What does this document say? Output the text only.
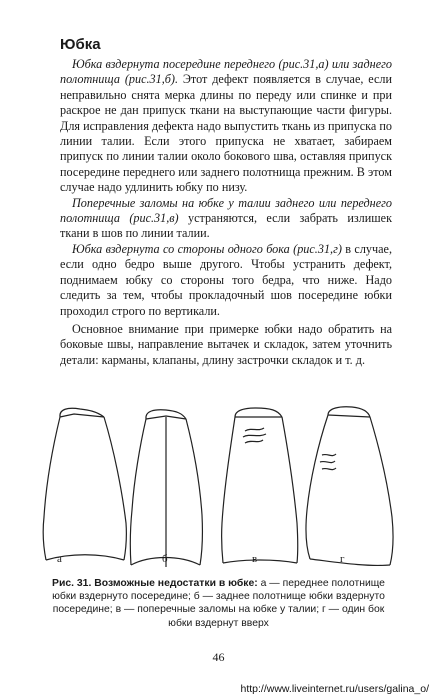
Юбка

Юбка вздернута посередине переднего (рис.31,а) или заднего полотнища (рис.31,б). Этот дефект появляется в случае, если неправильно снята мерка длины по переду или спинке и при раскрое не дан припуск ткани на выступающие части фигуры. Для исправления дефекта надо выпустить ткань из припуска по линии талии. Если этого припуска не хватает, забираем припуск по линии талии около бокового шва, оставляя припуск посередине переднего или заднего полотнища прежним. В этом случае надо удлинить юбку по низу.

Поперечные заломы на юбке у талии заднего или переднего полотнища (рис.31,в) устраняются, если забрать излишек ткани в шов по линии талии.

Юбка вздернута со стороны одного бока (рис.31,г) в случае, если одно бедро выше другого. Чтобы устранить дефект, поднимаем юбку со стороны того бедра, что ниже. Надо следить за тем, чтобы прокладочный шов посередине юбки проходил строго по вертикали.

Основное внимание при примерке юбки надо обратить на боковые швы, направление вытачек и складок, затем уточнить детали: карманы, клапаны, длину застрочки складок и т. д.

а	б	в	г
Рис. 31. Возможные недостатки в юбке: а — переднее полотнище юбки вздернуто посередине; б — заднее полотнище юбки вздернуто посередине; в — поперечные заломы на юбке у талии; г — один бок юбки вздернут вверх
46
http://www.liveinternet.ru/users/galina_o/
